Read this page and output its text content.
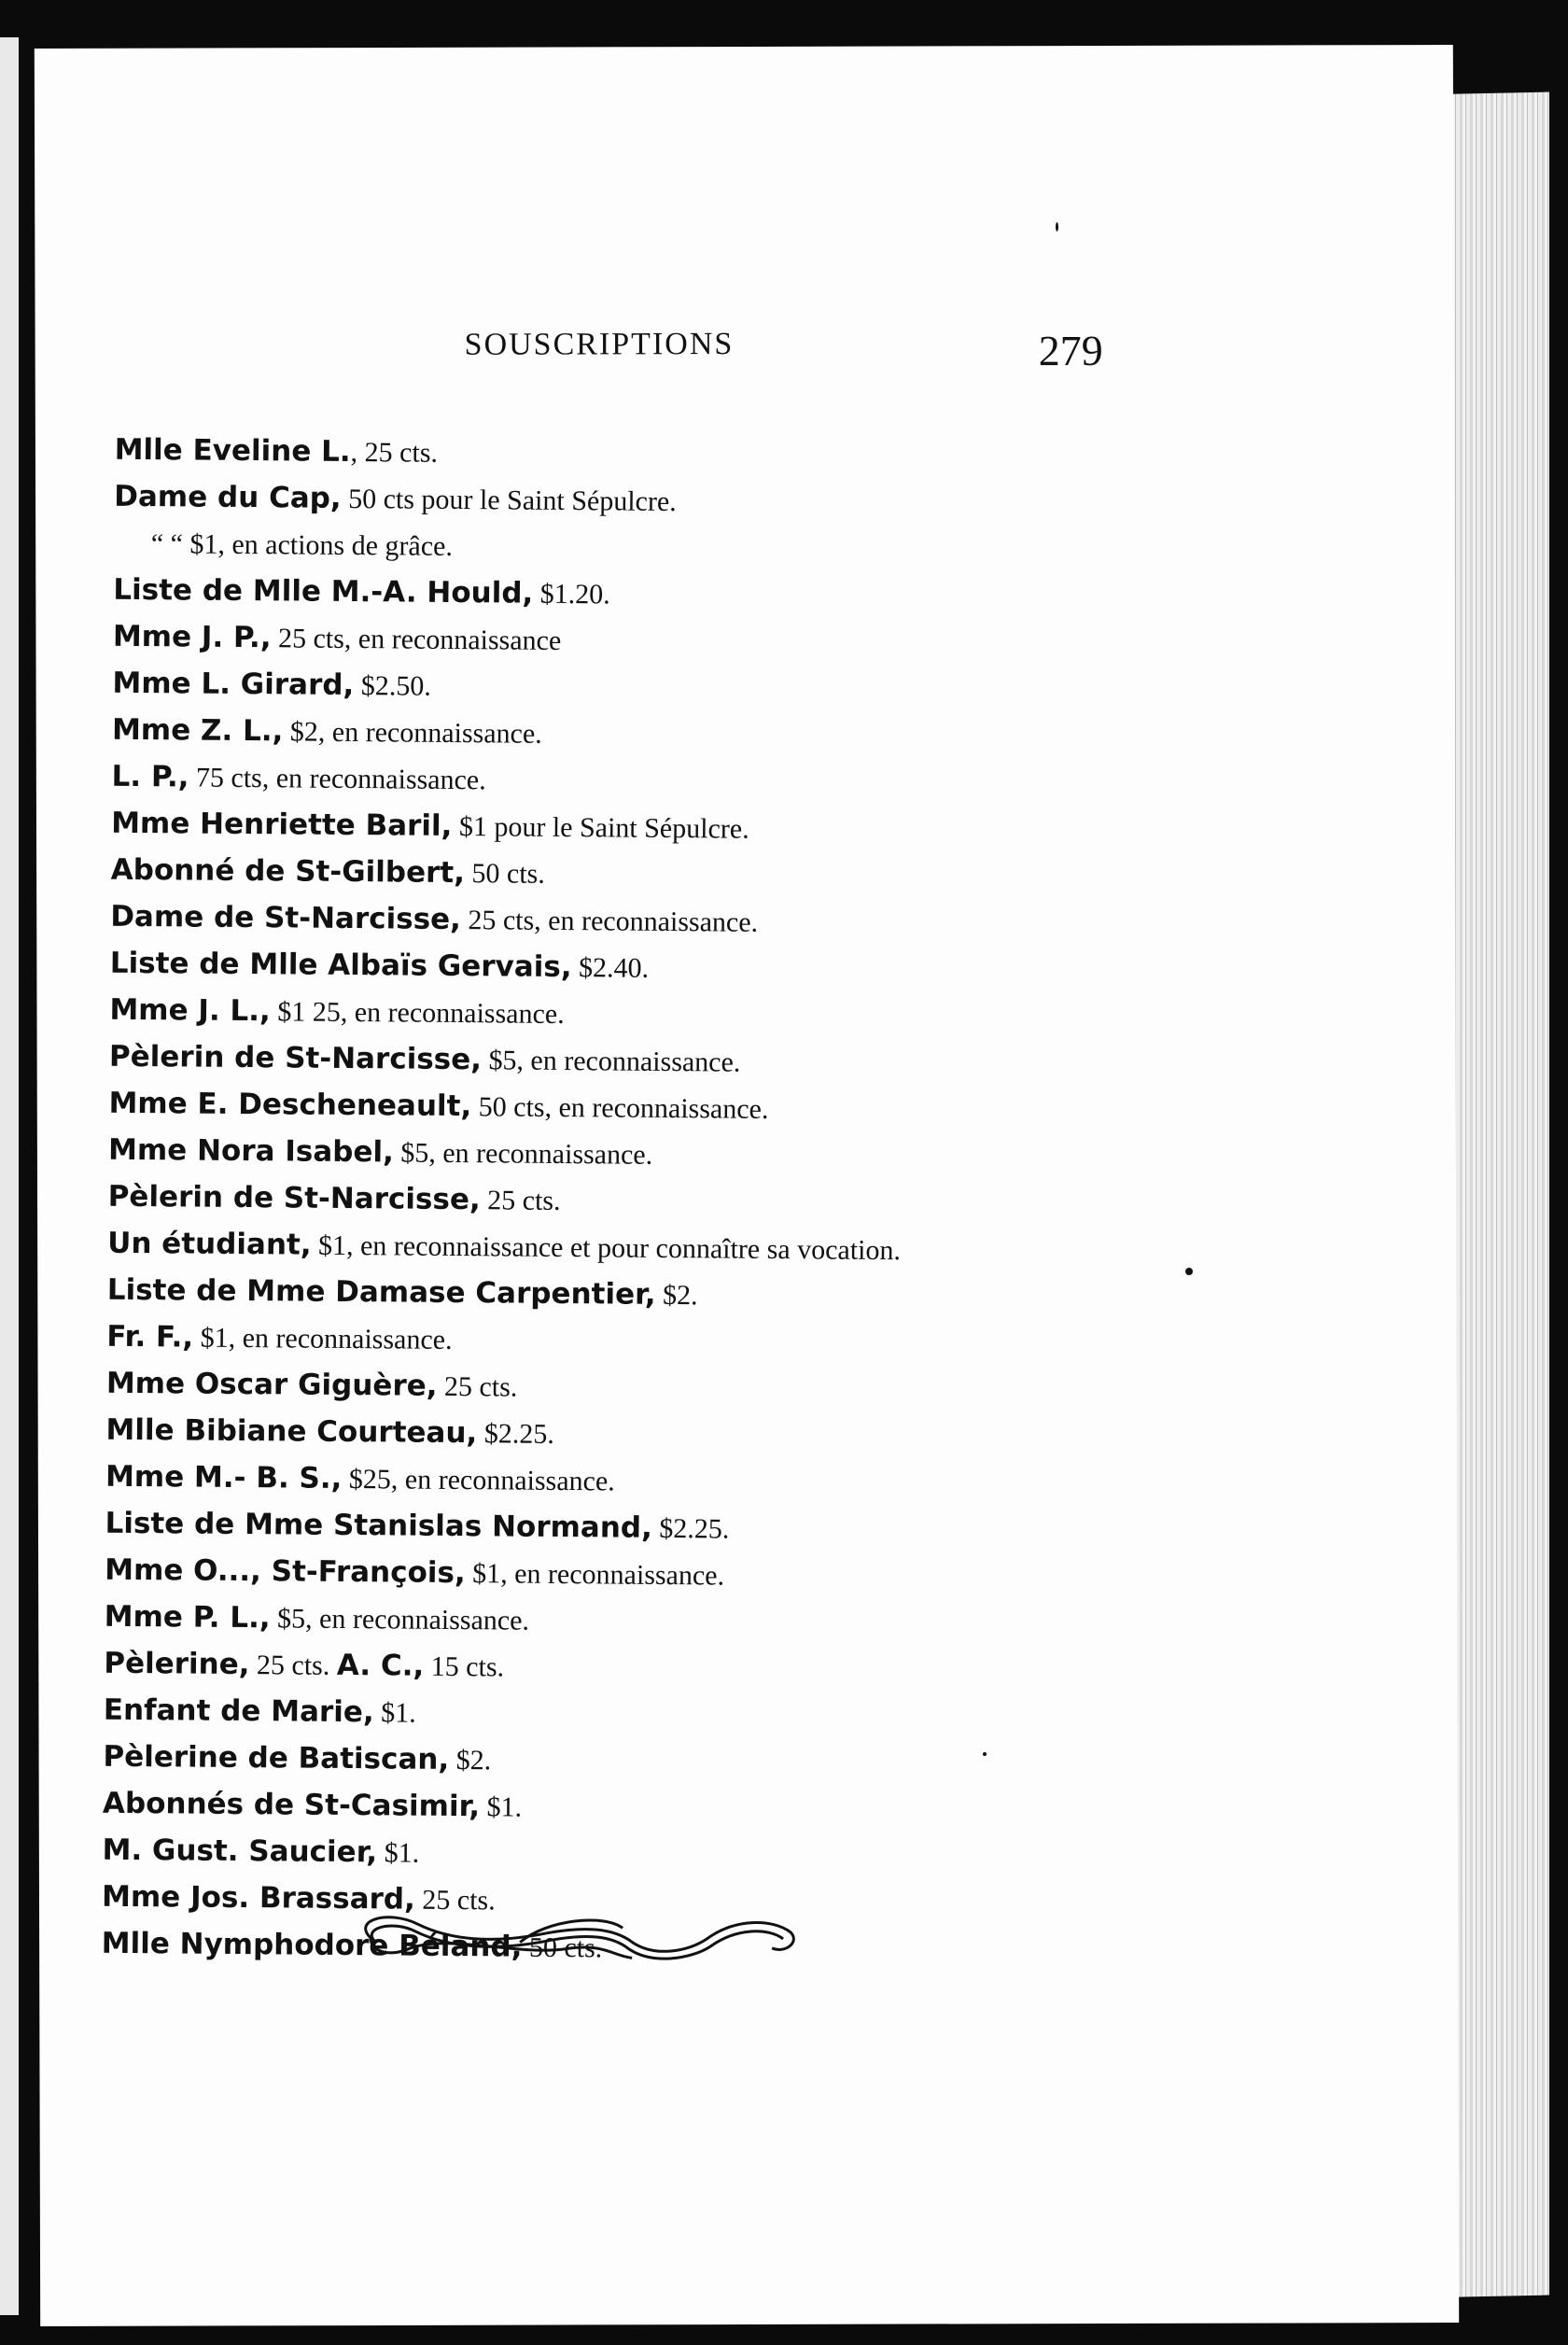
SOUSCRIPTIONS	279
Mlle Eveline L., 25 cts.
Dame du Cap, 50 cts pour le Saint Sépulcre.
“ “ $1, en actions de grâce.
Liste de Mlle M.-A. Hould, $1.20.
Mme J. P., 25 cts, en reconnaissance
Mme L. Girard, $2.50.
Mme Z. L., $2, en reconnaissance.
L. P., 75 cts, en reconnaissance.
Mme Henriette Baril, $1 pour le Saint Sépulcre.
Abonné de St-Gilbert, 50 cts.
Dame de St-Narcisse, 25 cts, en reconnaissance.
Liste de Mlle Albaïs Gervais, $2.40.
Mme J. L., $1 25, en reconnaissance.
Pèlerin de St-Narcisse, $5, en reconnaissance.
Mme E. Descheneault, 50 cts, en reconnaissance.
Mme Nora Isabel, $5, en reconnaissance.
Pèlerin de St-Narcisse, 25 cts.
Un étudiant, $1, en reconnaissance et pour connaître sa vocation.
Liste de Mme Damase Carpentier, $2.
Fr. F., $1, en reconnaissance.
Mme Oscar Giguère, 25 cts.
Mlle Bibiane Courteau, $2.25.
Mme M.- B. S., $25, en reconnaissance.
Liste de Mme Stanislas Normand, $2.25.
Mme O..., St-François, $1, en reconnaissance.
Mme P. L., $5, en reconnaissance.
Pèlerine, 25 cts. A. C., 15 cts.
Enfant de Marie, $1.
Pèlerine de Batiscan, $2.
Abonnés de St-Casimir, $1.
M. Gust. Saucier, $1.
Mme Jos. Brassard, 25 cts.
Mlle Nymphodore Béland, 50 cts.
